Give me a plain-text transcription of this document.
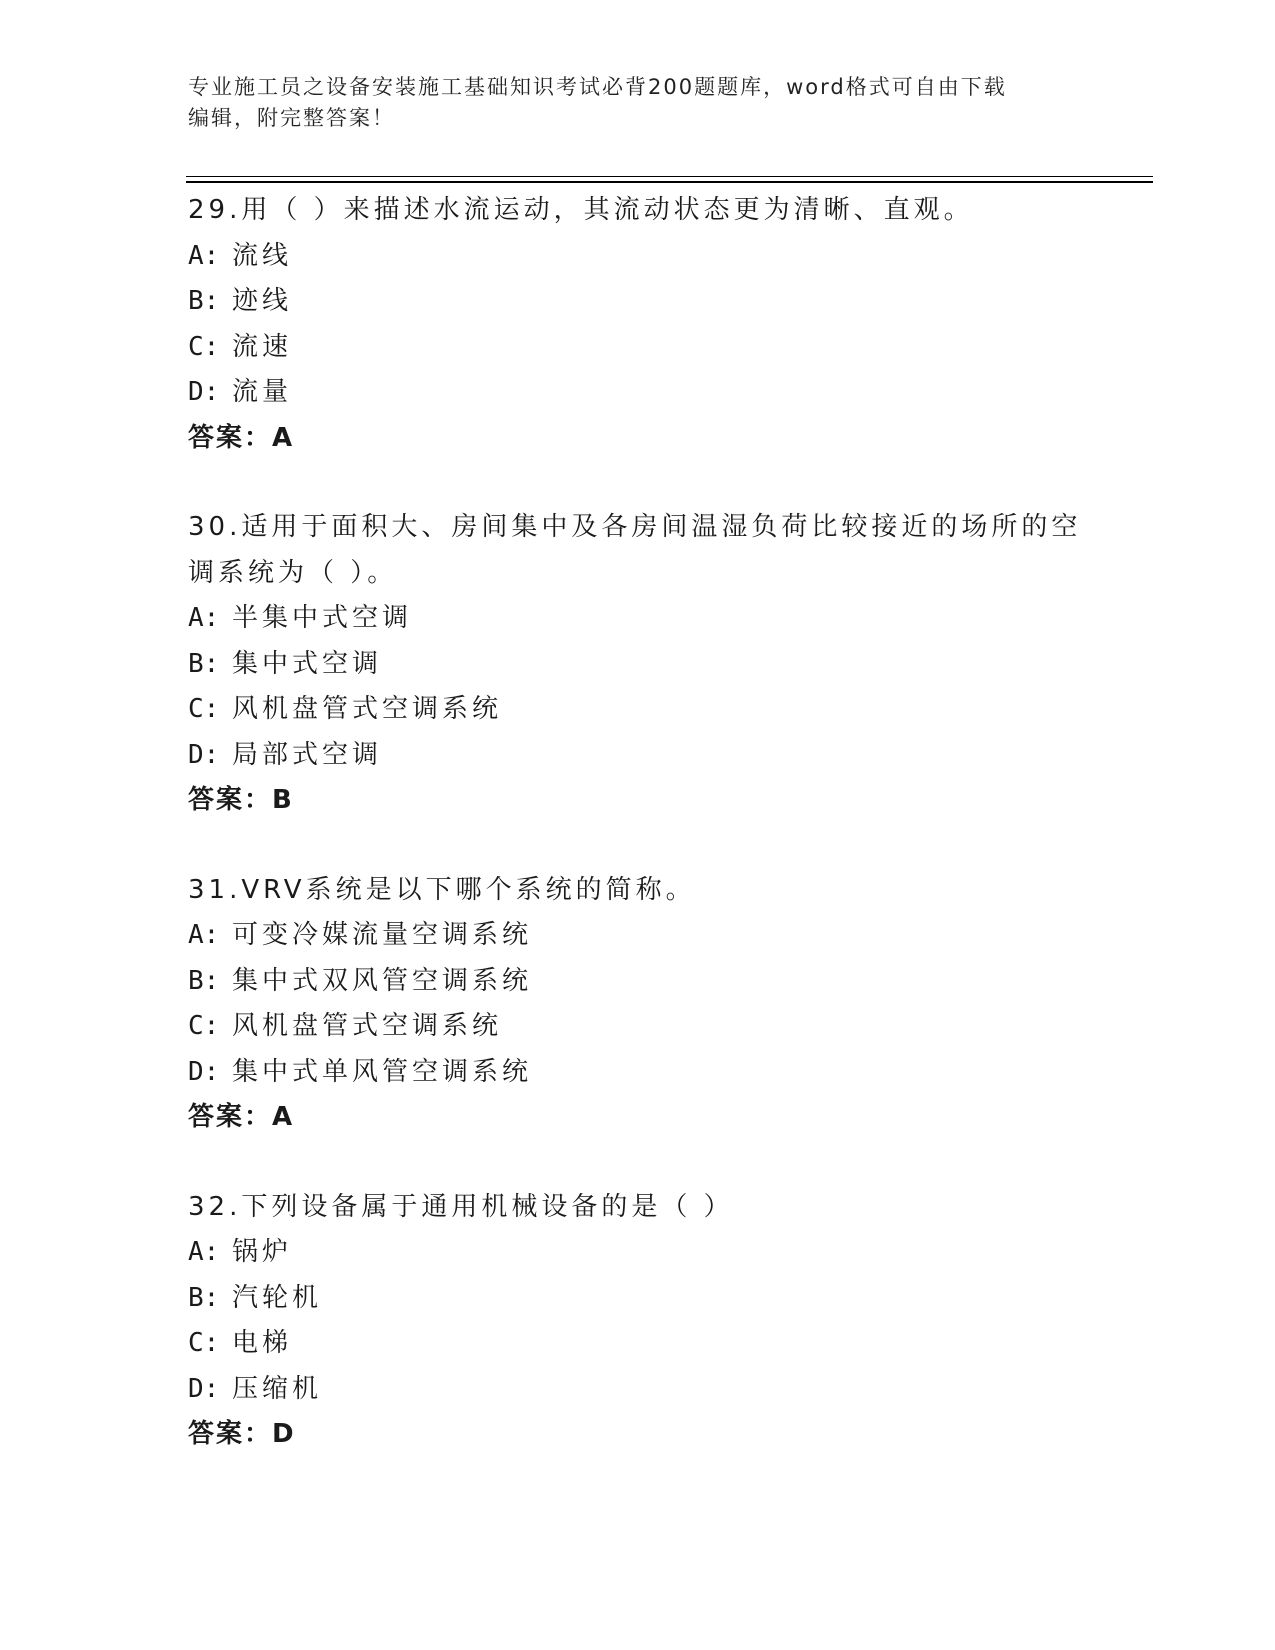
专业施工员之设备安装施工基础知识考试必背200题题库，word格式可自由下载
编辑，附完整答案！
29.用（ ）来描述水流运动，其流动状态更为清晰、直观。
A: 流线
B: 迹线
C: 流速
D: 流量
答案：A
30.适用于面积大、房间集中及各房间温湿负荷比较接近的场所的空调系统为（ ）。
A: 半集中式空调
B: 集中式空调
C: 风机盘管式空调系统
D: 局部式空调
答案：B
31.VRV系统是以下哪个系统的简称。
A: 可变冷媒流量空调系统
B: 集中式双风管空调系统
C: 风机盘管式空调系统
D: 集中式单风管空调系统
答案：A
32.下列设备属于通用机械设备的是（ ）
A: 锅炉
B: 汽轮机
C: 电梯
D: 压缩机
答案：D
